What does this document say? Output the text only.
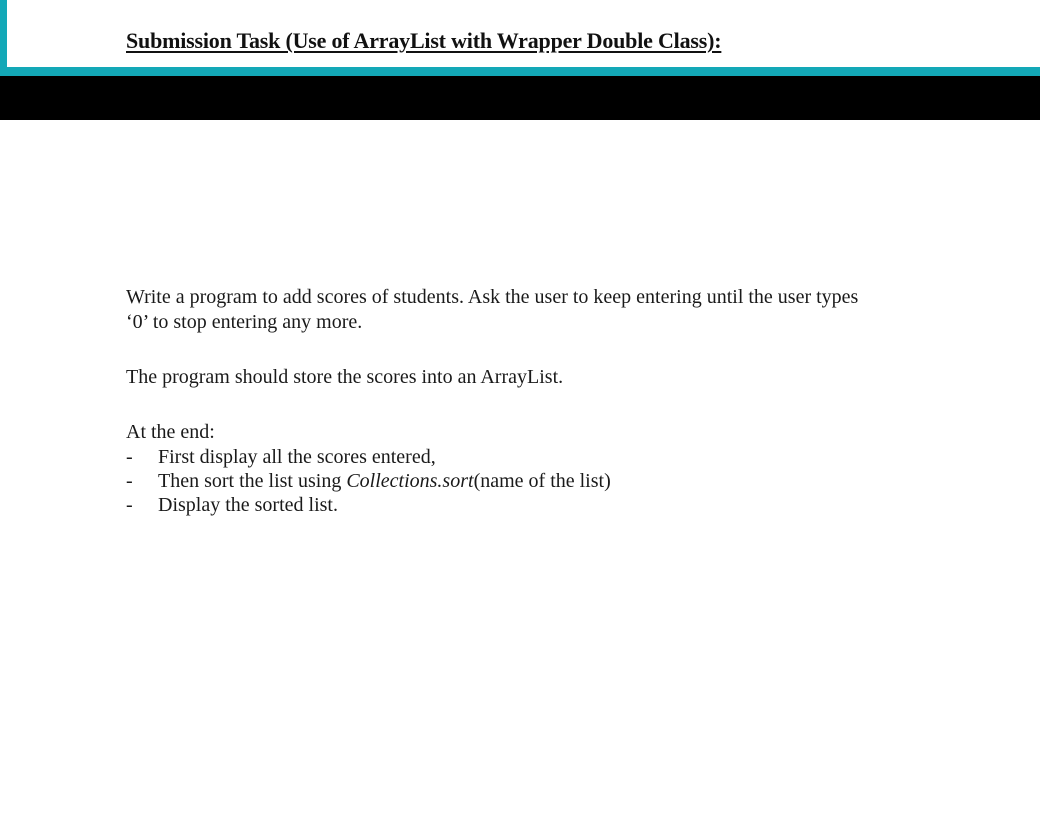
Submission Task (Use of ArrayList with Wrapper Double Class):

Write a program to add scores of students. Ask the user to keep entering until the user types
‘0’ to stop entering any more.

The program should store the scores into an ArrayList.

At the end:

- First display all the scores entered,
- Then sort the list using Collections.sort(name of the list)
- Display the sorted list.
